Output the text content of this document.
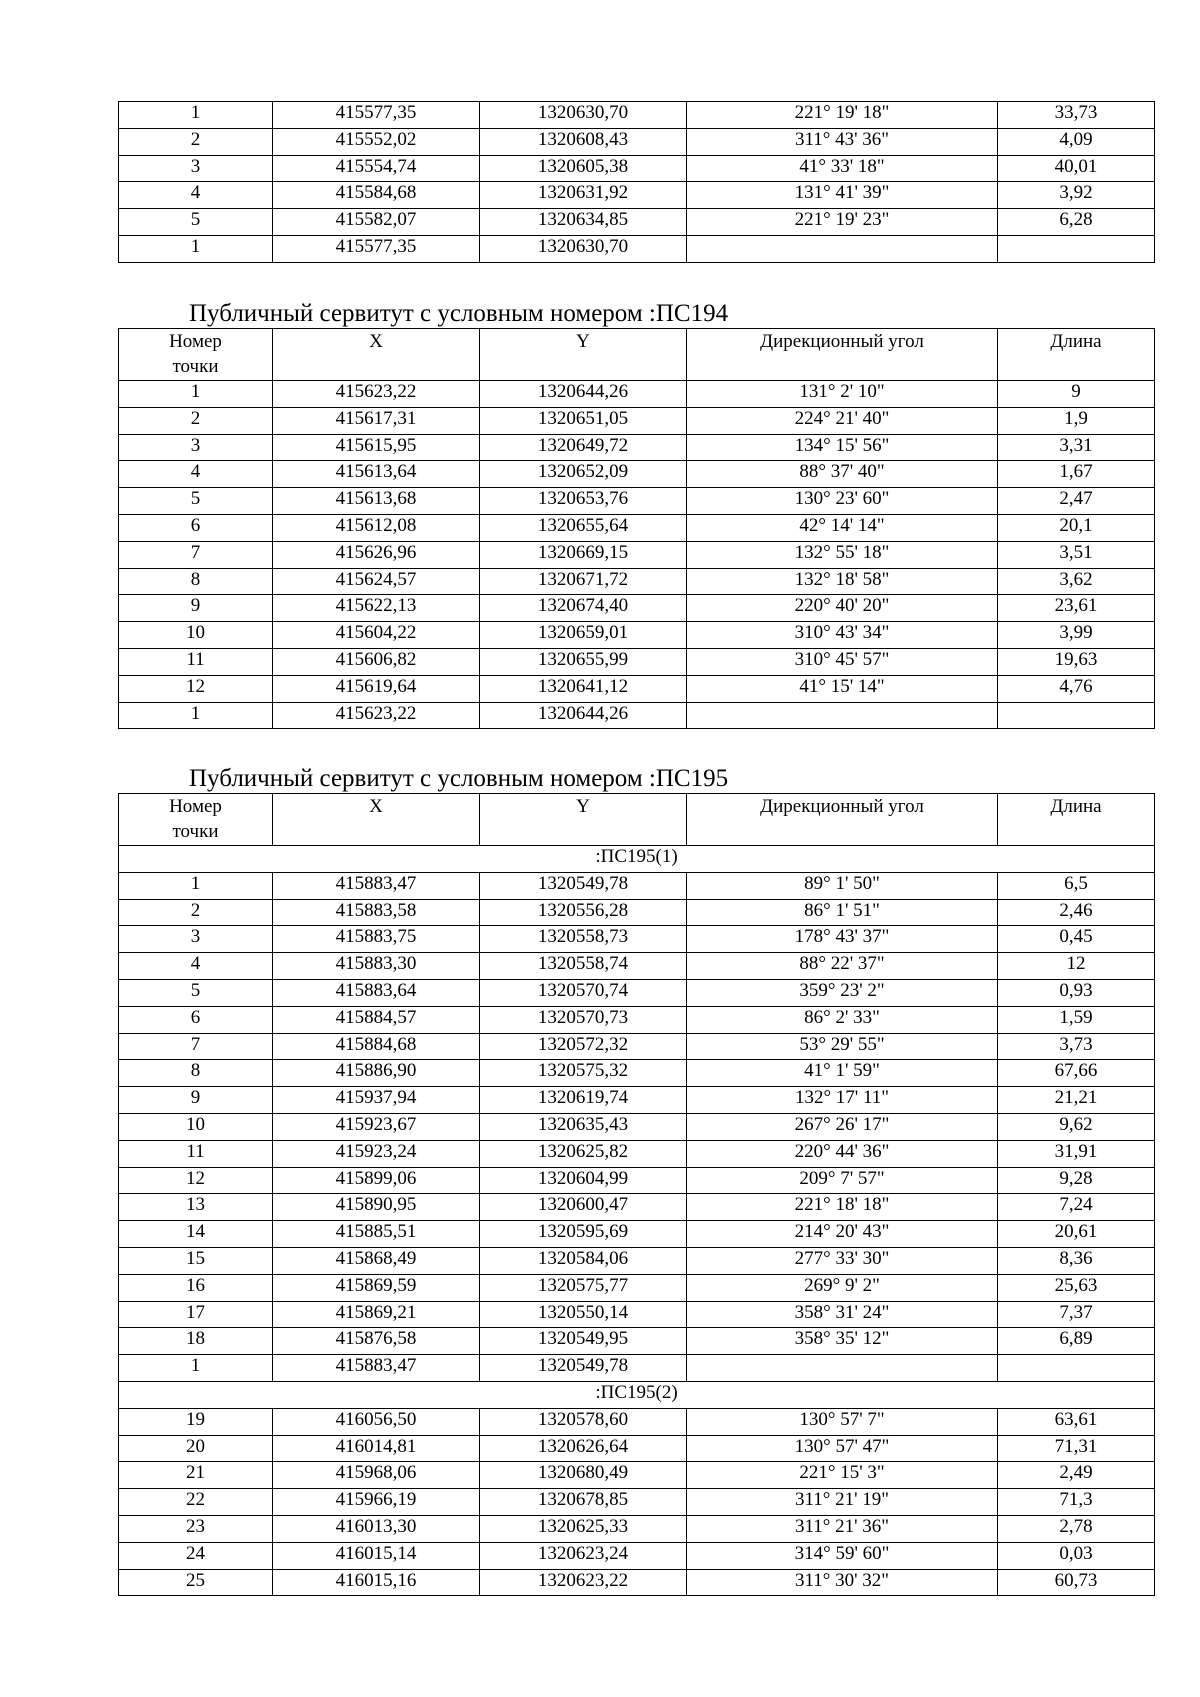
1	415577,35	1320630,70	221° 19' 18"	33,73
2	415552,02	1320608,43	311° 43' 36"	4,09
3	415554,74	1320605,38	41° 33' 18"	40,01
4	415584,68	1320631,92	131° 41' 39"	3,92
5	415582,07	1320634,85	221° 19' 23"	6,28
1	415577,35	1320630,70		
Публичный сервитут с условным номером :ПС194
Номер точки	X	Y	Дирекционный угол	Длина
1	415623,22	1320644,26	131° 2' 10"	9
2	415617,31	1320651,05	224° 21' 40"	1,9
3	415615,95	1320649,72	134° 15' 56"	3,31
4	415613,64	1320652,09	88° 37' 40"	1,67
5	415613,68	1320653,76	130° 23' 60"	2,47
6	415612,08	1320655,64	42° 14' 14"	20,1
7	415626,96	1320669,15	132° 55' 18"	3,51
8	415624,57	1320671,72	132° 18' 58"	3,62
9	415622,13	1320674,40	220° 40' 20"	23,61
10	415604,22	1320659,01	310° 43' 34"	3,99
11	415606,82	1320655,99	310° 45' 57"	19,63
12	415619,64	1320641,12	41° 15' 14"	4,76
1	415623,22	1320644,26		
Публичный сервитут с условным номером :ПС195
Номер точки	X	Y	Дирекционный угол	Длина
:ПС195(1)				
1	415883,47	1320549,78	89° 1' 50"	6,5
2	415883,58	1320556,28	86° 1' 51"	2,46
3	415883,75	1320558,73	178° 43' 37"	0,45
4	415883,30	1320558,74	88° 22' 37"	12
5	415883,64	1320570,74	359° 23' 2"	0,93
6	415884,57	1320570,73	86° 2' 33"	1,59
7	415884,68	1320572,32	53° 29' 55"	3,73
8	415886,90	1320575,32	41° 1' 59"	67,66
9	415937,94	1320619,74	132° 17' 11"	21,21
10	415923,67	1320635,43	267° 26' 17"	9,62
11	415923,24	1320625,82	220° 44' 36"	31,91
12	415899,06	1320604,99	209° 7' 57"	9,28
13	415890,95	1320600,47	221° 18' 18"	7,24
14	415885,51	1320595,69	214° 20' 43"	20,61
15	415868,49	1320584,06	277° 33' 30"	8,36
16	415869,59	1320575,77	269° 9' 2"	25,63
17	415869,21	1320550,14	358° 31' 24"	7,37
18	415876,58	1320549,95	358° 35' 12"	6,89
1	415883,47	1320549,78		
:ПС195(2)				
19	416056,50	1320578,60	130° 57' 7"	63,61
20	416014,81	1320626,64	130° 57' 47"	71,31
21	415968,06	1320680,49	221° 15' 3"	2,49
22	415966,19	1320678,85	311° 21' 19"	71,3
23	416013,30	1320625,33	311° 21' 36"	2,78
24	416015,14	1320623,24	314° 59' 60"	0,03
25	416015,16	1320623,22	311° 30' 32"	60,73
